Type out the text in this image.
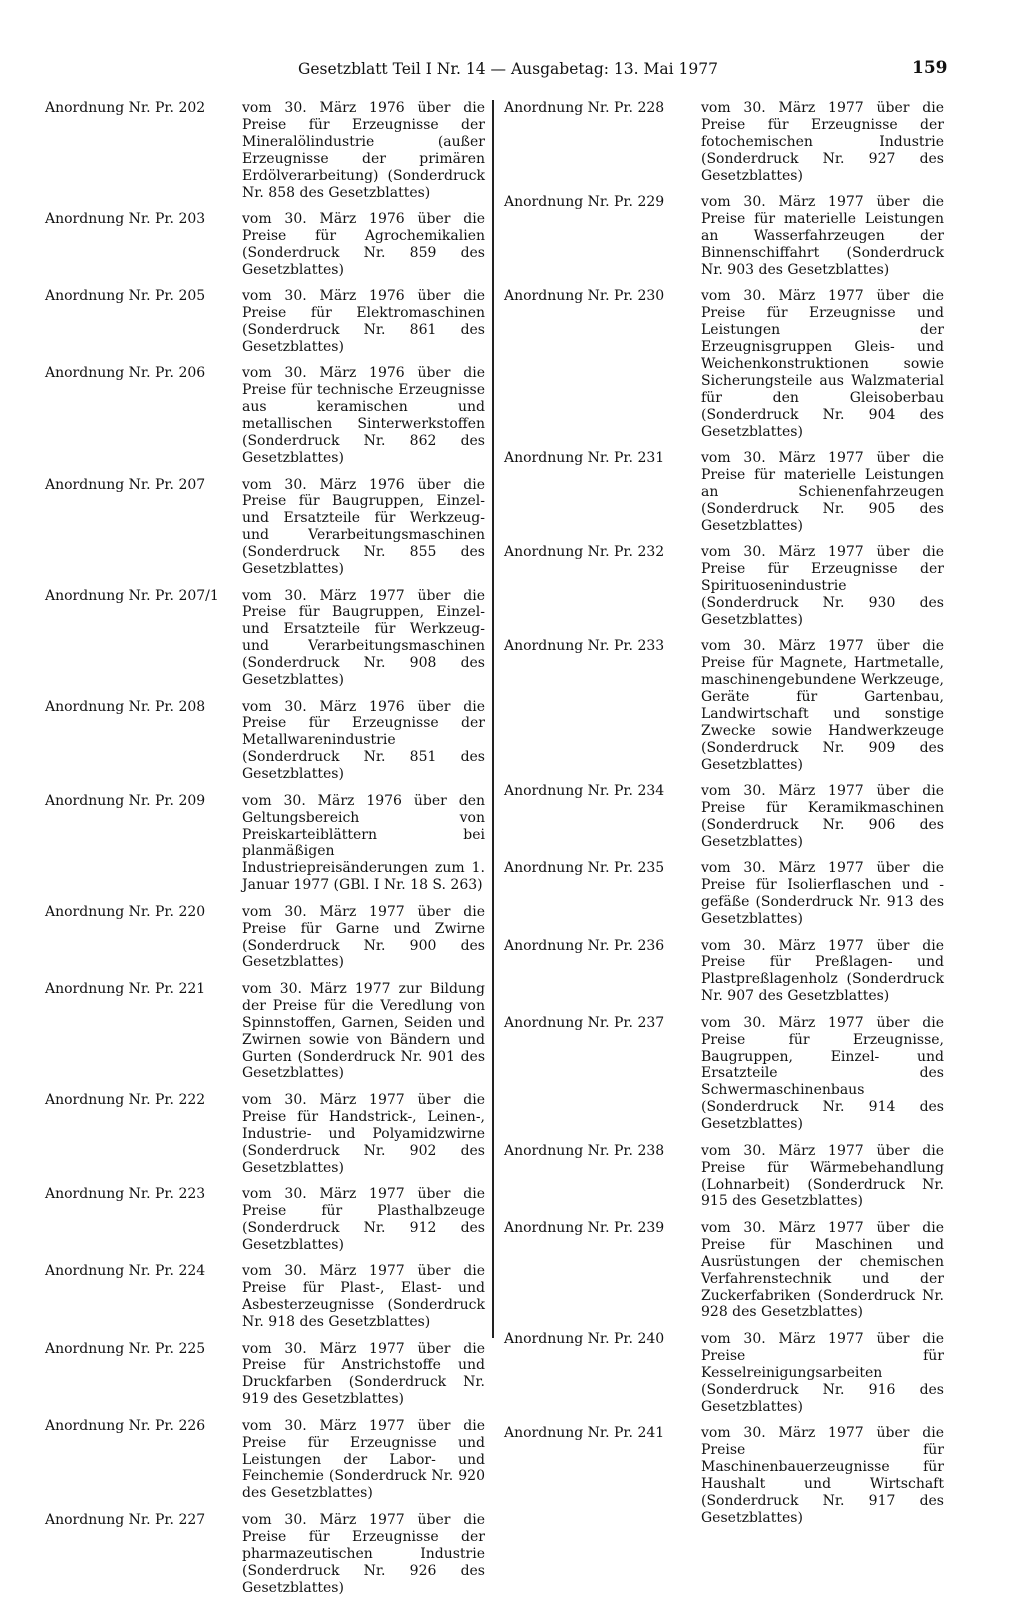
Gesetzblatt Teil I Nr. 14 — Ausgabetag: 13. Mai 1977	159
Anordnung Nr. Pr. 202	vom 30. März 1976 über die Preise für Erzeugnisse der Mineralölindustrie (außer Erzeugnisse der primären Erdölverarbeitung) (Sonderdruck Nr. 858 des Gesetzblattes)
Anordnung Nr. Pr. 203	vom 30. März 1976 über die Preise für Agrochemikalien (Sonderdruck Nr. 859 des Gesetzblattes)
Anordnung Nr. Pr. 205	vom 30. März 1976 über die Preise für Elektromaschinen (Sonderdruck Nr. 861 des Gesetzblattes)
Anordnung Nr. Pr. 206	vom 30. März 1976 über die Preise für technische Erzeugnisse aus keramischen und metallischen Sinterwerkstoffen (Sonderdruck Nr. 862 des Gesetzblattes)
Anordnung Nr. Pr. 207	vom 30. März 1976 über die Preise für Baugruppen, Einzel- und Ersatzteile für Werkzeug- und Verarbeitungsmaschinen (Sonderdruck Nr. 855 des Gesetzblattes)
Anordnung Nr. Pr. 207/1	vom 30. März 1977 über die Preise für Baugruppen, Einzel- und Ersatzteile für Werkzeug- und Verarbeitungsmaschinen (Sonderdruck Nr. 908 des Gesetzblattes)
Anordnung Nr. Pr. 208	vom 30. März 1976 über die Preise für Erzeugnisse der Metallwarenindustrie (Sonderdruck Nr. 851 des Gesetzblattes)
Anordnung Nr. Pr. 209	vom 30. März 1976 über den Geltungsbereich von Preiskarteiblättern bei planmäßigen Industriepreisänderungen zum 1. Januar 1977 (GBl. I Nr. 18 S. 263)
Anordnung Nr. Pr. 220	vom 30. März 1977 über die Preise für Garne und Zwirne (Sonderdruck Nr. 900 des Gesetzblattes)
Anordnung Nr. Pr. 221	vom 30. März 1977 zur Bildung der Preise für die Veredlung von Spinnstoffen, Garnen, Seiden und Zwirnen sowie von Bändern und Gurten (Sonderdruck Nr. 901 des Gesetzblattes)
Anordnung Nr. Pr. 222	vom 30. März 1977 über die Preise für Handstrick-, Leinen-, Industrie- und Polyamidzwirne (Sonderdruck Nr. 902 des Gesetzblattes)
Anordnung Nr. Pr. 223	vom 30. März 1977 über die Preise für Plasthalbzeuge (Sonderdruck Nr. 912 des Gesetzblattes)
Anordnung Nr. Pr. 224	vom 30. März 1977 über die Preise für Plast-, Elast- und Asbesterzeugnisse (Sonderdruck Nr. 918 des Gesetzblattes)
Anordnung Nr. Pr. 225	vom 30. März 1977 über die Preise für Anstrichstoffe und Druckfarben (Sonderdruck Nr. 919 des Gesetzblattes)
Anordnung Nr. Pr. 226	vom 30. März 1977 über die Preise für Erzeugnisse und Leistungen der Labor- und Feinchemie (Sonderdruck Nr. 920 des Gesetzblattes)
Anordnung Nr. Pr. 227	vom 30. März 1977 über die Preise für Erzeugnisse der pharmazeutischen Industrie (Sonderdruck Nr. 926 des Gesetzblattes)
Anordnung Nr. Pr. 228	vom 30. März 1977 über die Preise für Erzeugnisse der fotochemischen Industrie (Sonderdruck Nr. 927 des Gesetzblattes)
Anordnung Nr. Pr. 229	vom 30. März 1977 über die Preise für materielle Leistungen an Wasserfahrzeugen der Binnenschiffahrt (Sonderdruck Nr. 903 des Gesetzblattes)
Anordnung Nr. Pr. 230	vom 30. März 1977 über die Preise für Erzeugnisse und Leistungen der Erzeugnisgruppen Gleis- und Weichenkonstruktionen sowie Sicherungsteile aus Walzmaterial für den Gleisoberbau (Sonderdruck Nr. 904 des Gesetzblattes)
Anordnung Nr. Pr. 231	vom 30. März 1977 über die Preise für materielle Leistungen an Schienenfahrzeugen (Sonderdruck Nr. 905 des Gesetzblattes)
Anordnung Nr. Pr. 232	vom 30. März 1977 über die Preise für Erzeugnisse der Spirituosenindustrie (Sonderdruck Nr. 930 des Gesetzblattes)
Anordnung Nr. Pr. 233	vom 30. März 1977 über die Preise für Magnete, Hartmetalle, maschinengebundene Werkzeuge, Geräte für Gartenbau, Landwirtschaft und sonstige Zwecke sowie Handwerkzeuge (Sonderdruck Nr. 909 des Gesetzblattes)
Anordnung Nr. Pr. 234	vom 30. März 1977 über die Preise für Keramikmaschinen (Sonderdruck Nr. 906 des Gesetzblattes)
Anordnung Nr. Pr. 235	vom 30. März 1977 über die Preise für Isolierflaschen und -gefäße (Sonderdruck Nr. 913 des Gesetzblattes)
Anordnung Nr. Pr. 236	vom 30. März 1977 über die Preise für Preßlagen- und Plastpreßlagenholz (Sonderdruck Nr. 907 des Gesetzblattes)
Anordnung Nr. Pr. 237	vom 30. März 1977 über die Preise für Erzeugnisse, Baugruppen, Einzel- und Ersatzteile des Schwermaschinenbaus (Sonderdruck Nr. 914 des Gesetzblattes)
Anordnung Nr. Pr. 238	vom 30. März 1977 über die Preise für Wärmebehandlung (Lohnarbeit) (Sonderdruck Nr. 915 des Gesetzblattes)
Anordnung Nr. Pr. 239	vom 30. März 1977 über die Preise für Maschinen und Ausrüstungen der chemischen Verfahrenstechnik und der Zuckerfabriken (Sonderdruck Nr. 928 des Gesetzblattes)
Anordnung Nr. Pr. 240	vom 30. März 1977 über die Preise für Kesselreinigungsarbeiten (Sonderdruck Nr. 916 des Gesetzblattes)
Anordnung Nr. Pr. 241	vom 30. März 1977 über die Preise für Maschinenbauerzeugnisse für Haushalt und Wirtschaft (Sonderdruck Nr. 917 des Gesetzblattes)
